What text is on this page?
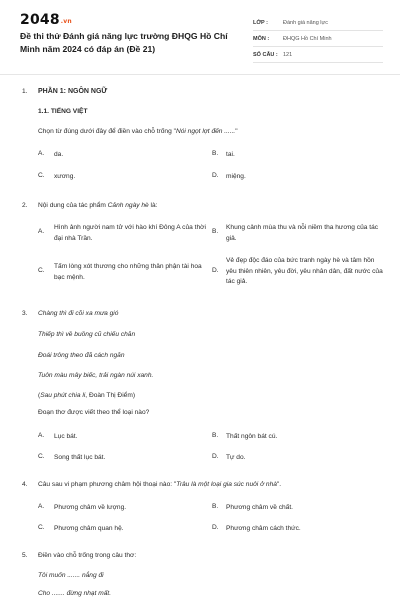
2048.vn
Đề thi thử Đánh giá năng lực trường ĐHQG Hồ Chí Minh năm 2024 có đáp án (Đề 21)
LỚP :	Đánh giá năng lực
MÔN :	ĐHQG Hồ Chí Minh
SỐ CÂU : 121
1. PHẦN 1: NGÔN NGỮ
1.1. TIẾNG VIỆT
Chọn từ đúng dưới đây để điền vào chỗ trống "Nói ngọt lợt đến ......"
A. da.	B. tai.
C. xương.	D. miệng.
2. Nội dung của tác phẩm Cảnh ngày hè là:
A.
Hình ảnh người nam tử với hào khí Đông A của thời đại nhà Trần.
B.
Khung cảnh mùa thu và nỗi niềm tha hương của tác giả.
C.
Tấm lòng xót thương cho những thân phận tài hoa bạc mệnh.
D.
Vẻ đẹp độc đáo của bức tranh ngày hè và tâm hồn yêu thiên nhiên, yêu đời, yêu nhân dân, đất nước của tác giả.
3. Chàng thì đi cõi xa mưa gió
Thiếp thì về buồng cũ chiếu chăn
Đoái trông theo đã cách ngăn
Tuôn màu mây biếc, trải ngàn núi xanh.
(Sau phút chia li, Đoàn Thị Điểm)
Đoạn thơ được viết theo thể loại nào?
A. Lục bát.	B. Thất ngôn bát cú.
C. Song thất lục bát.	D. Tự do.
4. Câu sau vi phạm phương châm hội thoại nào: "Trâu là một loại gia súc nuôi ở nhà".
A. Phương châm về lượng.	B. Phương châm về chất.
C. Phương châm quan hệ.	D. Phương châm cách thức.
5. Điền vào chỗ trống trong câu thơ:
Tôi muốn ....... nắng đi
Cho ....... đừng nhạt mất.
